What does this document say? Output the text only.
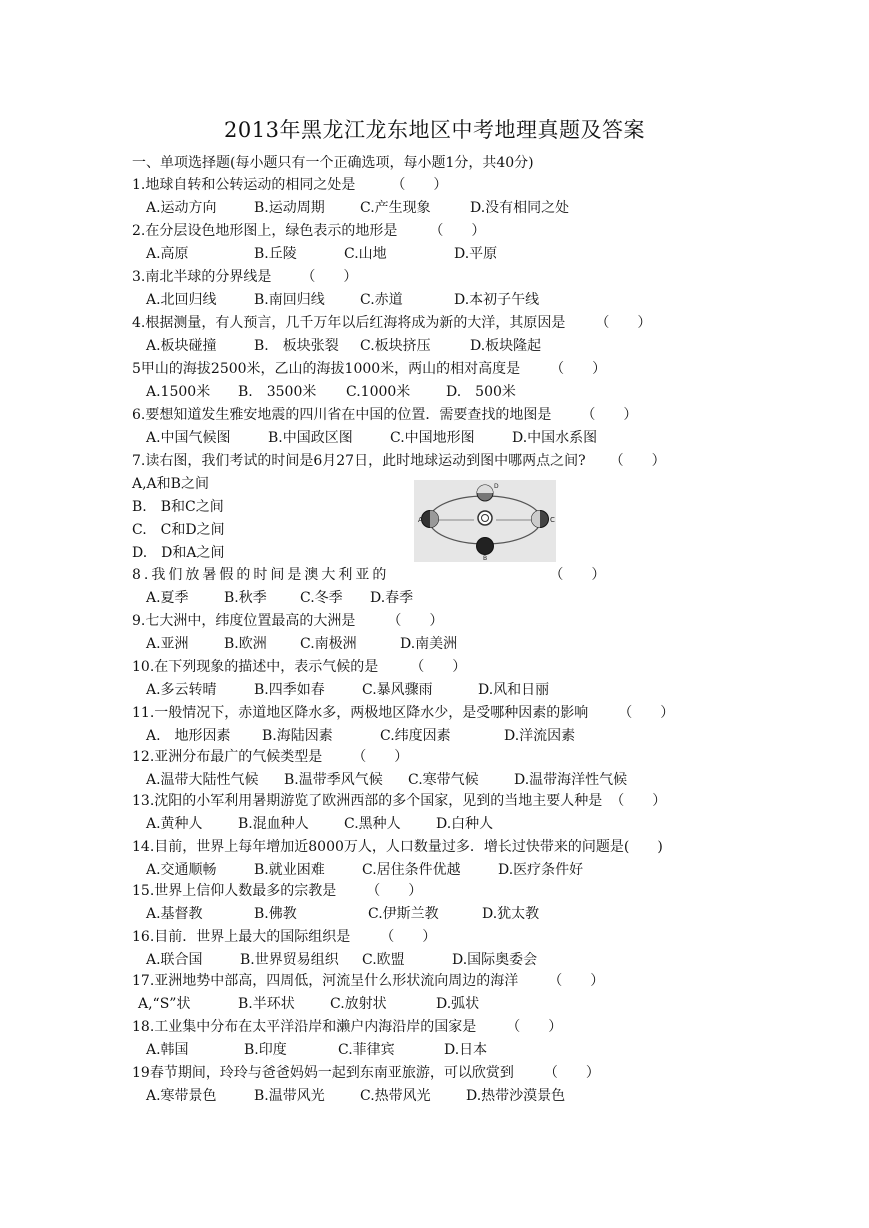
2013年黑龙江龙东地区中考地理真题及答案
一、单项选择题(每小题只有一个正确选项，每小题1分，共40分)
1.地球自转和公转运动的相同之处是	（　　）
A.运动方向	B.运动周期	C.产生现象	D.没有相同之处
2.在分层设色地形图上，绿色表示的地形是 （　　）
A.高原	B.丘陵	C.山地	D.平原
3.南北半球的分界线是 （　　）
A.北回归线	B.南回归线	C.赤道	D.本初子午线
4.根据测量，有人预言，几千万年以后红海将成为新的大洋，其原因是 （　　）
A.板块碰撞	B.　板块张裂 C.板块挤压	D.板块隆起
5甲山的海拔2500米，乙山的海拔1000米，两山的相对高度是 （　　）
A.1500米 B.　3500米 C.1000米	D.　500米
6.要想知道发生雅安地震的四川省在中国的位置．需要查找的地图是 （　　）
A.中国气候图	B.中国政区图	C.中国地形图	D.中国水系图
7.读右图，我们考试的时间是6月27日，此时地球运动到图中哪两点之间? （　　）
A,A和B之间
B.　B和C之间
C.　C和D之间
D.　D和A之间
A
B
C
D
8.我们放暑假的时间是澳大利亚的	（　　）
A.夏季	B.秋季 C.冬季 D.春季
9.七大洲中，纬度位置最高的大洲是 （　　）
A.亚洲	B.欧洲 C.南极洲	D.南美洲
10.在下列现象的描述中，表示气候的是 （　　）
A.多云转晴	B.四季如春	C.暴风骤雨	D.风和日丽
11.一般情况下，赤道地区降水多，两极地区降水少，是受哪种因素的影响 （　　）
A.　地形因素 B.海陆因素	C.纬度因素	D.洋流因素
12.亚洲分布最广的气候类型是 （　　）
A.温带大陆性气候 B.温带季风气候 C.寒带气候	D.温带海洋性气候
13.沈阳的小军利用暑期游览了欧洲西部的多个国家，见到的当地主要人种是 （　　）
A.黄种人	B.混血种人	C.黑种人	D.白种人
14.目前，世界上每年增加近8000万人，人口数量过多．增长过快带来的问题是(　　)
A.交通顺畅	B.就业困难	C.居住条件优越	D.医疗条件好
15.世界上信仰人数最多的宗教是 （　　）
A.基督教	B.佛教	C.伊斯兰教	D.犹太教
16.目前．世界上最大的国际组织是 （　　）
A.联合国	B.世界贸易组织 C.欧盟	D.国际奥委会
17.亚洲地势中部高，四周低，河流呈什么形状流向周边的海洋 （　　）
A,“S”状	B.半环状	C.放射状	D.弧状
18.工业集中分布在太平洋沿岸和濑户内海沿岸的国家是 （　　）
A.韩国	B.印度	C.菲律宾	D.日本
19春节期间，玲玲与爸爸妈妈一起到东南亚旅游，可以欣赏到 （　　）
A.寒带景色	B.温带风光	C.热带风光	D.热带沙漠景色
